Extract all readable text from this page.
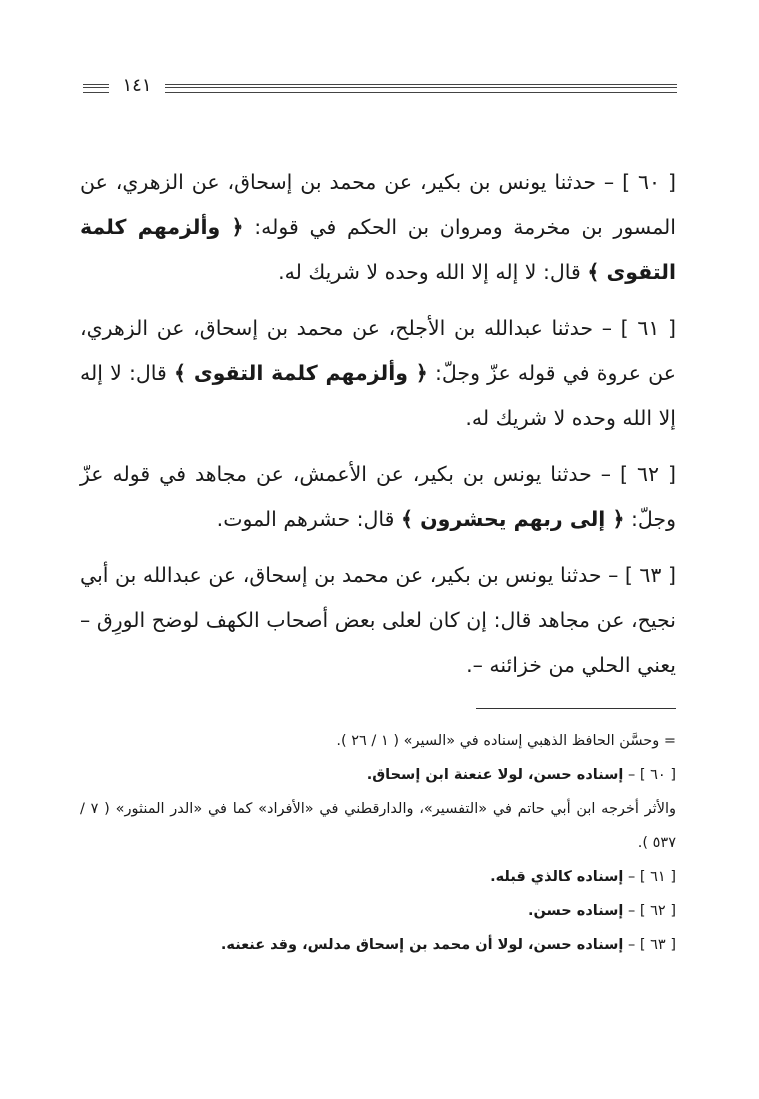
١٤١

[ ٦٠ ] – حدثنا يونس بن بكير، عن محمد بن إسحاق، عن الزهري، عن المسور بن مخرمة ومروان بن الحكم في قوله: ﴿ وألزمهم كلمة التقوى ﴾ قال: لا إله إلا الله وحده لا شريك له.

[ ٦١ ] – حدثنا عبدالله بن الأجلح، عن محمد بن إسحاق، عن الزهري، عن عروة في قوله عزّ وجلّ: ﴿ وألزمهم كلمة التقوى ﴾ قال: لا إله إلا الله وحده لا شريك له.

[ ٦٢ ] – حدثنا يونس بن بكير، عن الأعمش، عن مجاهد في قوله عزّ وجلّ: ﴿ إلى ربهم يحشرون ﴾ قال: حشرهم الموت.

[ ٦٣ ] – حدثنا يونس بن بكير، عن محمد بن إسحاق، عن عبدالله بن أبي نجيح، عن مجاهد قال: إن كان لعلى بعض أصحاب الكهف لوضح الورِق – يعني الحلي من خزائنه –.

= وحسَّن الحافظ الذهبي إسناده في «السير» ( ١ / ٢٦ ).

[ ٦٠ ] – إسناده حسن، لولا عنعنة ابن إسحاق.

والأثر أخرجه ابن أبي حاتم في «التفسير»، والدارقطني في «الأفراد» كما في «الدر المنثور» ( ٧ / ٥٣٧ ).

[ ٦١ ] – إسناده كالذي قبله.

[ ٦٢ ] – إسناده حسن.

[ ٦٣ ] – إسناده حسن، لولا أن محمد بن إسحاق مدلس، وقد عنعنه.
